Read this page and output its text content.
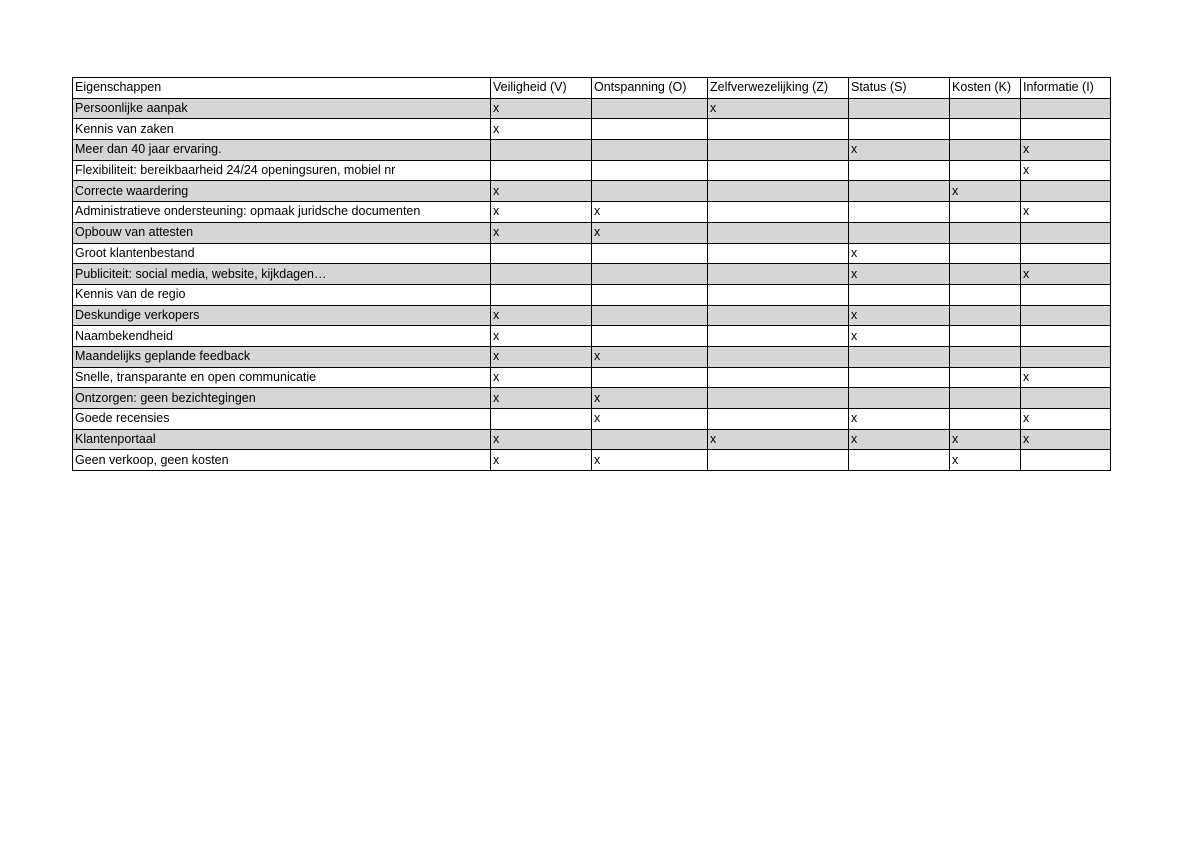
Eigenschappen	Veiligheid (V)	Ontspanning (O)	Zelfverwezelijking (Z)	Status (S)	Kosten (K)	Informatie (I)
Persoonlijke aanpak	x		x			
Kennis van zaken	x					
Meer dan 40 jaar ervaring.				x		x
Flexibiliteit: bereikbaarheid 24/24 openingsuren, mobiel nr						x
Correcte waardering	x				x	
Administratieve ondersteuning: opmaak juridsche documenten	x	x				x
Opbouw van attesten	x	x				
Groot klantenbestand				x		
Publiciteit: social media, website, kijkdagen…				x		x
Kennis van de regio						
Deskundige verkopers	x			x		
Naambekendheid	x			x		
Maandelijks geplande feedback	x	x				
Snelle, transparante en open communicatie	x					x
Ontzorgen: geen bezichtegingen	x	x				
Goede recensies		x		x		x
Klantenportaal	x		x	x	x	x
Geen verkoop, geen kosten	x	x			x	
